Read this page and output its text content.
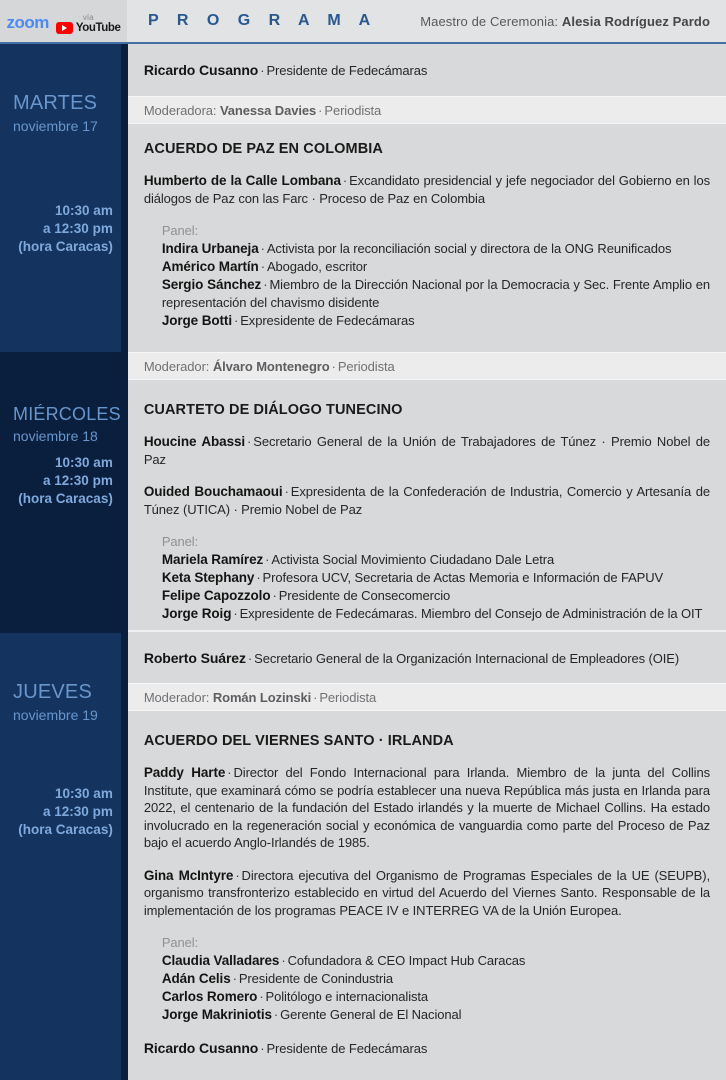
zoom	vía
YouTube P R O G R A M A	Maestro de Ceremonia: Alesia Rodríguez Pardo
MARTES
noviembre 17
10:30 am
a 12:30 pm
(hora Caracas)
MIÉRCOLES
noviembre 18
10:30 am
a 12:30 pm
(hora Caracas)
JUEVES
noviembre 19
10:30 am
a 12:30 pm
(hora Caracas)
Ricardo Cusanno · Presidente de Fedecámaras
Moderadora:
Vanessa Davies · Periodista
ACUERDO DE PAZ EN COLOMBIA

Humberto de la Calle Lombana · Excandidato presidencial y jefe negociador del Gobierno en los diálogos de Paz con las Farc · Proceso de Paz en Colombia

Panel:
Indira Urbaneja · Activista por la reconciliación social y directora de la ONG Reunificados
Américo Martín · Abogado, escritor
Sergio Sánchez · Miembro de la Dirección Nacional por la Democracia y Sec. Frente Amplio en representación del chavismo disidente
Jorge Botti · Expresidente de Fedecámaras
Moderador:
Álvaro Montenegro · Periodista
CUARTETO DE DIÁLOGO TUNECINO

Houcine Abassi · Secretario General de la Unión de Trabajadores de Túnez · Premio Nobel de Paz

Ouided Bouchamaoui · Expresidenta de la Confederación de Industria, Comercio y Artesanía de Túnez (UTICA) · Premio Nobel de Paz

Panel:
Mariela Ramírez · Activista Social Movimiento Ciudadano Dale Letra
Keta Stephany · Profesora UCV, Secretaria de Actas Memoria e Información de FAPUV
Felipe Capozzolo · Presidente de Consecomercio
Jorge Roig · Expresidente de Fedecámaras. Miembro del Consejo de Administración de la OIT
Roberto Suárez · Secretario General de la Organización Internacional de Empleadores (OIE)
Moderador:
Román Lozinski · Periodista
ACUERDO DEL VIERNES SANTO · IRLANDA

Paddy Harte · Director del Fondo Internacional para Irlanda. Miembro de la junta del Collins Institute, que examinará cómo se podría establecer una nueva República más justa en Irlanda para 2022, el centenario de la fundación del Estado irlandés y la muerte de Michael Collins. Ha estado involucrado en la regeneración social y económica de vanguardia como parte del Proceso de Paz bajo el acuerdo Anglo-Irlandés de 1985.

Gina McIntyre · Directora ejecutiva del Organismo de Programas Especiales de la UE (SEUPB), organismo transfronterizo establecido en virtud del Acuerdo del Viernes Santo. Responsable de la implementación de los programas PEACE IV e INTERREG VA de la Unión Europea.

Panel:
Claudia Valladares · Cofundadora & CEO Impact Hub Caracas
Adán Celis · Presidente de Conindustria
Carlos Romero · Politólogo e internacionalista
Jorge Makriniotis · Gerente General de El Nacional

Ricardo Cusanno · Presidente de Fedecámaras
